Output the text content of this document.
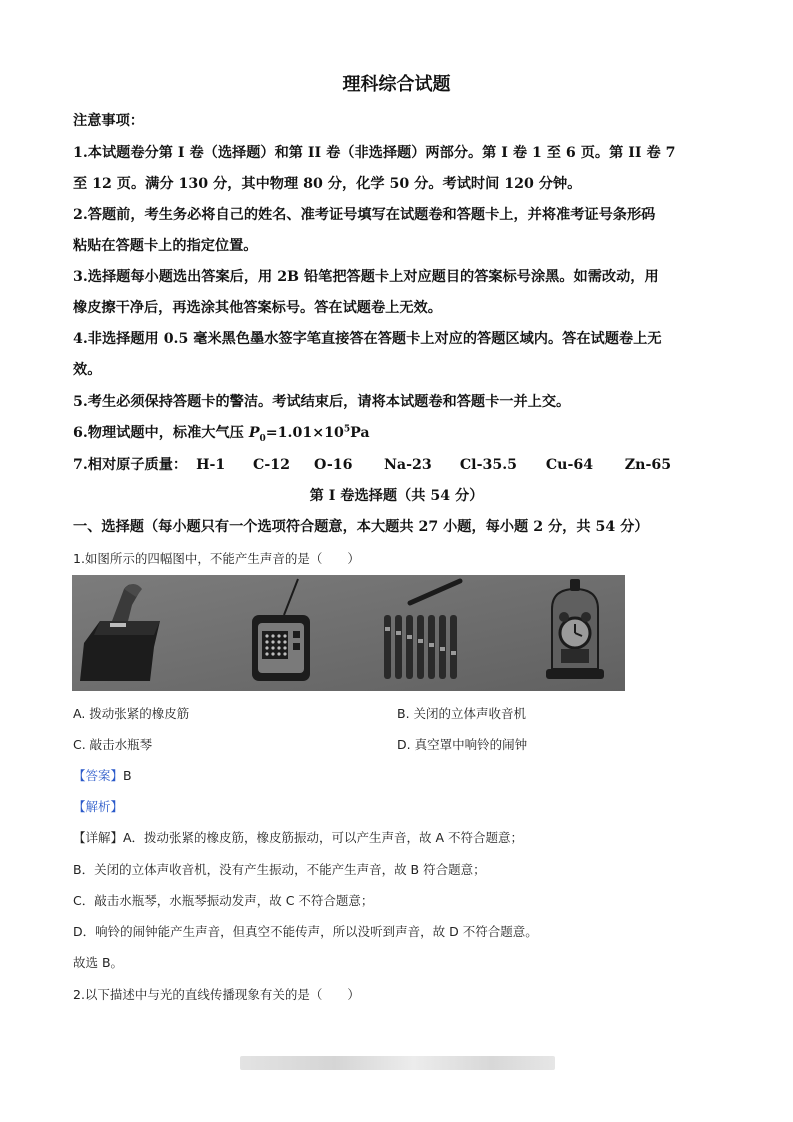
理科综合试题
注意事项：
1.本试题卷分第 I 卷（选择题）和第 II 卷（非选择题）两部分。第 I 卷 1 至 6 页。第 II 卷 7
至 12 页。满分 130 分，其中物理 80 分，化学 50 分。考试时间 120 分钟。
2.答题前，考生务必将自己的姓名、准考证号填写在试题卷和答题卡上，并将准考证号条形码
粘贴在答题卡上的指定位置。
3.选择题每小题选出答案后，用 2B 铅笔把答题卡上对应题目的答案标号涂黑。如需改动，用
橡皮擦干净后，再选涂其他答案标号。答在试题卷上无效。
4.非选择题用 0.5 毫米黑色墨水签字笔直接答在答题卡上对应的答题区域内。答在试题卷上无
效。
5.考生必须保持答题卡的警洁。考试结束后，请将本试题卷和答题卡一并上交。
6.物理试题中，标准大气压 $P_0=1.01\times 10^5Pa$
7.相对原子质量： H-1 C-12 O-16 Na-23 Cl-35.5 Cu-64 Zn-65
第 I 卷选择题（共 54 分）
一、选择题（每小题只有一个选项符合题意，本大题共 27 小题，每小题 2 分，共 54 分）
1.如图所示的四幅图中，不能产生声音的是（　　）
A. 拨动张紧的橡皮筋	B. 关闭的立体声收音机
C. 敲击水瓶琴	D. 真空罩中响铃的闹钟
【答案】B
【解析】
【详解】A．拨动张紧的橡皮筋，橡皮筋振动，可以产生声音，故 A 不符合题意；
B．关闭的立体声收音机，没有产生振动，不能产生声音，故 B 符合题意；
C．敲击水瓶琴，水瓶琴振动发声，故 C 不符合题意；
D．响铃的闹钟能产生声音，但真空不能传声，所以没听到声音，故 D 不符合题意。
故选 B。
2.以下描述中与光的直线传播现象有关的是（　　）
